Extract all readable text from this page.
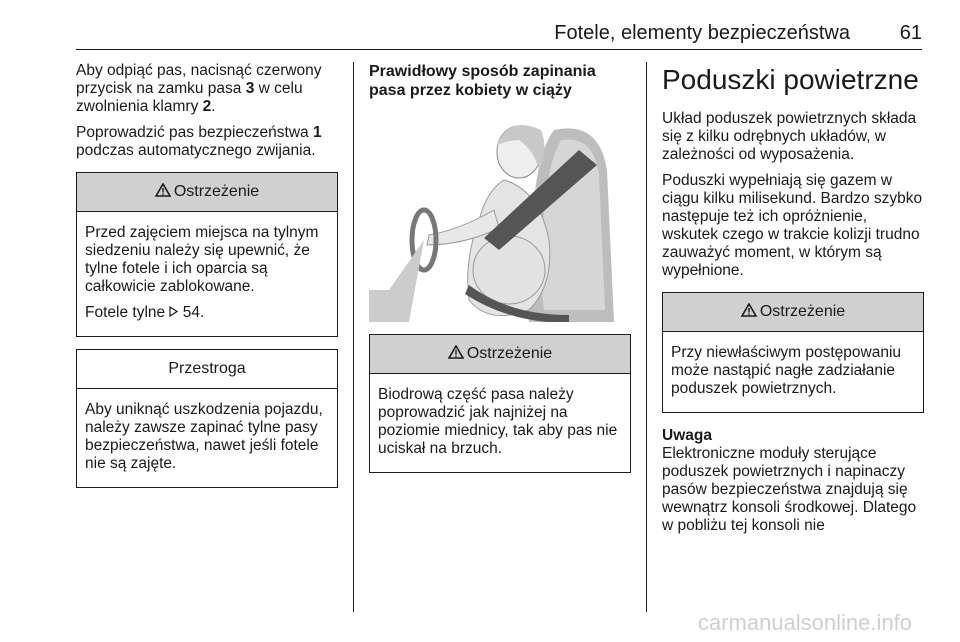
Fotele, elementy bezpieczeństwa 61

Aby odpiąć pas, nacisnąć czerwony przycisk na zamku pasa 3 w celu zwolnienia klamry 2.

Poprowadzić pas bezpieczeństwa 1 podczas automatycznego zwijania.

Ostrzeżenie

Przed zajęciem miejsca na tylnym siedzeniu należy się upewnić, że tylne fotele i ich oparcia są całkowicie zablokowane.

Fotele tylne  54.

Przestroga

Aby uniknąć uszkodzenia pojazdu, należy zawsze zapinać tylne pasy bezpieczeństwa, nawet jeśli fotele nie są zajęte.

Prawidłowy sposób zapinania pasa przez kobiety w ciąży
Ostrzeżenie

Biodrową część pasa należy poprowadzić jak najniżej na poziomie miednicy, tak aby pas nie uciskał na brzuch.

Poduszki powietrzne

Układ poduszek powietrznych składa się z kilku odrębnych układów, w zależności od wyposażenia.

Poduszki wypełniają się gazem w ciągu kilku milisekund. Bardzo szybko następuje też ich opróżnienie, wskutek czego w trakcie kolizji trudno zauważyć moment, w którym są wypełnione.

Ostrzeżenie

Przy niewłaściwym postępowaniu może nastąpić nagłe zadziałanie poduszek powietrznych.

Uwaga
Elektroniczne moduły sterujące poduszek powietrznych i napinaczy pasów bezpieczeństwa znajdują się wewnątrz konsoli środkowej. Dlatego w pobliżu tej konsoli nie
carmanualsonline.info
